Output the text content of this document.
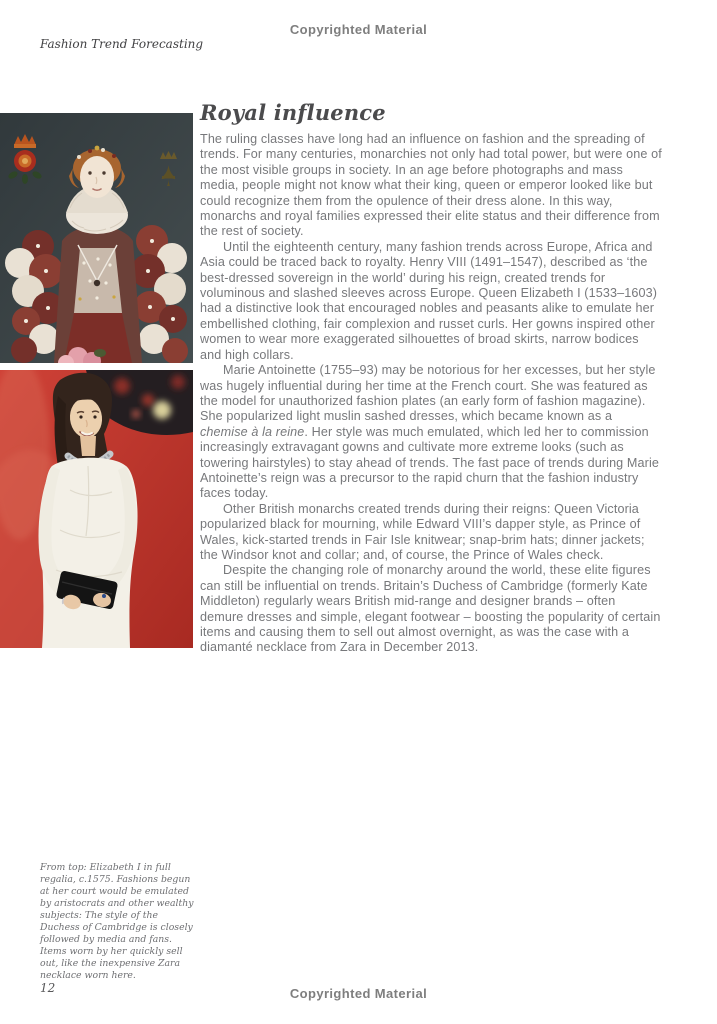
Copyrighted Material
Fashion Trend Forecasting
Royal influence

The ruling classes have long had an influence on fashion and the spreading of trends. For many centuries, monarchies not only had total power, but were one of the most visible groups in society. In an age before photographs and mass media, people might not know what their king, queen or emperor looked like but could recognize them from the opulence of their dress alone. In this way, monarchs and royal families expressed their elite status and their difference from the rest of society.

Until the eighteenth century, many fashion trends across Europe, Africa and Asia could be traced back to royalty. Henry VIII (1491–1547), described as ‘the best-dressed sovereign in the world’ during his reign, created trends for voluminous and slashed sleeves across Europe. Queen Elizabeth I (1533–1603) had a distinctive look that encouraged nobles and peasants alike to emulate her embellished clothing, fair complexion and russet curls. Her gowns inspired other women to wear more exaggerated silhouettes of broad skirts, narrow bodices and high collars.

Marie Antoinette (1755–93) may be notorious for her excesses, but her style was hugely influential during her time at the French court. She was featured as the model for unauthorized fashion plates (an early form of fashion magazine). She popularized light muslin sashed dresses, which became known as a chemise à la reine. Her style was much emulated, which led her to commission increasingly extravagant gowns and cultivate more extreme looks (such as towering hairstyles) to stay ahead of trends. The fast pace of trends during Marie Antoinette’s reign was a precursor to the rapid churn that the fashion industry faces today.

Other British monarchs created trends during their reigns: Queen Victoria popularized black for mourning, while Edward VIII’s dapper style, as Prince of Wales, kick-started trends in Fair Isle knitwear; snap-brim hats; dinner jackets; the Windsor knot and collar; and, of course, the Prince of Wales check.

Despite the changing role of monarchy around the world, these elite figures can still be influential on trends. Britain’s Duchess of Cambridge (formerly Kate Middleton) regularly wears British mid-range and designer brands – often demure dresses and simple, elegant footwear – boosting the popularity of certain items and causing them to sell out almost overnight, as was the case with a diamanté necklace from Zara in December 2013.

From top: Elizabeth I in full regalia, c.1575. Fashions begun at her court would be emulated by aristocrats and other wealthy subjects: The style of the Duchess of Cambridge is closely followed by media and fans. Items worn by her quickly sell out, like the inexpensive Zara necklace worn here.
12	Copyrighted Material
